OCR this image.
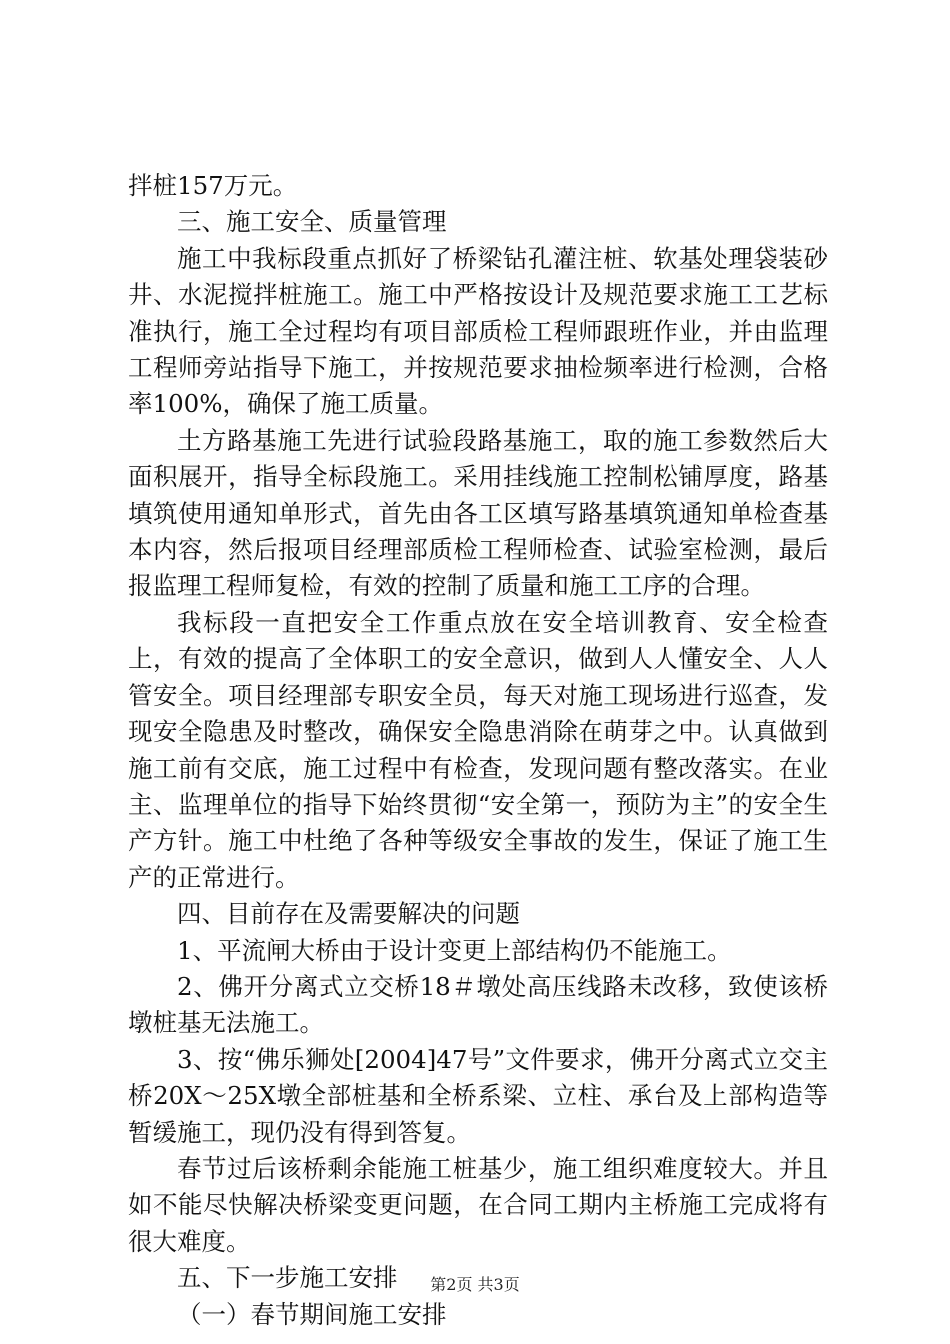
拌桩157万元。

三、施工安全、质量管理

施工中我标段重点抓好了桥梁钻孔灌注桩、软基处理袋装砂井、水泥搅拌桩施工。施工中严格按设计及规范要求施工工艺标准执行，施工全过程均有项目部质检工程师跟班作业，并由监理工程师旁站指导下施工，并按规范要求抽检频率进行检测，合格率100%，确保了施工质量。

土方路基施工先进行试验段路基施工，取的施工参数然后大面积展开，指导全标段施工。采用挂线施工控制松铺厚度，路基填筑使用通知单形式，首先由各工区填写路基填筑通知单检查基本内容，然后报项目经理部质检工程师检查、试验室检测，最后报监理工程师复检，有效的控制了质量和施工工序的合理。

我标段一直把安全工作重点放在安全培训教育、安全检查上，有效的提高了全体职工的安全意识，做到人人懂安全、人人管安全。项目经理部专职安全员，每天对施工现场进行巡查，发现安全隐患及时整改，确保安全隐患消除在萌芽之中。认真做到施工前有交底，施工过程中有检查，发现问题有整改落实。在业主、监理单位的指导下始终贯彻“安全第一，预防为主”的安全生产方针。施工中杜绝了各种等级安全事故的发生，保证了施工生产的正常进行。

四、目前存在及需要解决的问题

1、平流闸大桥由于设计变更上部结构仍不能施工。

2、佛开分离式立交桥18＃墩处高压线路未改移，致使该桥墩桩基无法施工。

3、按“佛乐狮处[2004]47号”文件要求，佛开分离式立交主桥20X～25X墩全部桩基和全桥系梁、立柱、承台及上部构造等暂缓施工，现仍没有得到答复。

春节过后该桥剩余能施工桩基少，施工组织难度较大。并且如不能尽快解决桥梁变更问题，在合同工期内主桥施工完成将有很大难度。

五、下一步施工安排

（一）春节期间施工安排

第2页 共3页
